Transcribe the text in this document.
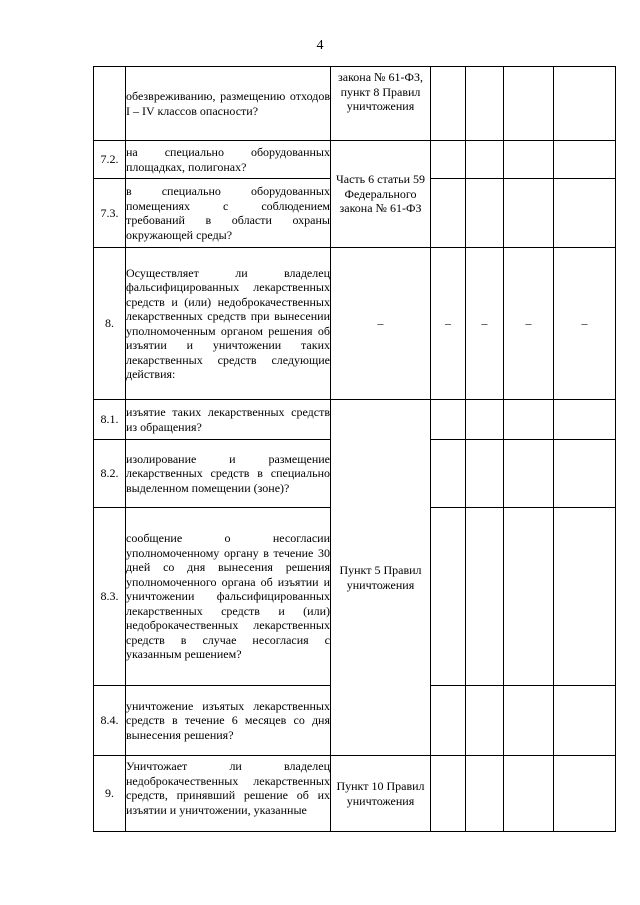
4
	обезвреживанию, размещению отходов I – IV классов опасности?	закона № 61-ФЗ, пункт 8 Правил уничтожения				
7.2.	на специально оборудованных площадках, полигонах?	Часть 6 статьи 59 Федерального закона № 61-ФЗ				
7.3.	в специально оборудованных помещениях с соблюдением требований в области охраны окружающей среды?					
8.	Осуществляет ли владелец фальсифицированных лекарственных средств и (или) недоброкачественных лекарственных средств при вынесении уполномоченным органом решения об изъятии и уничтожении таких лекарственных средств следующие действия:	–	–	–	–	–
8.1.	изъятие таких лекарственных средств из обращения?	Пункт 5 Правил уничтожения				
8.2.	изолирование и размещение лекарственных средств в специально выделенном помещении (зоне)?					
8.3.	сообщение о несогласии уполномоченному органу в течение 30 дней со дня вынесения решения уполномоченного органа об изъятии и уничтожении фальсифицированных лекарственных средств и (или) недоброкачественных лекарственных средств в случае несогласия с указанным решением?					
8.4.	уничтожение изъятых лекарственных средств в течение 6 месяцев со дня вынесения решения?					
9.	Уничтожает ли владелец недоброкачественных лекарственных средств, принявший решение об их изъятии и уничтожении, указанные	Пункт 10 Правил уничтожения				
